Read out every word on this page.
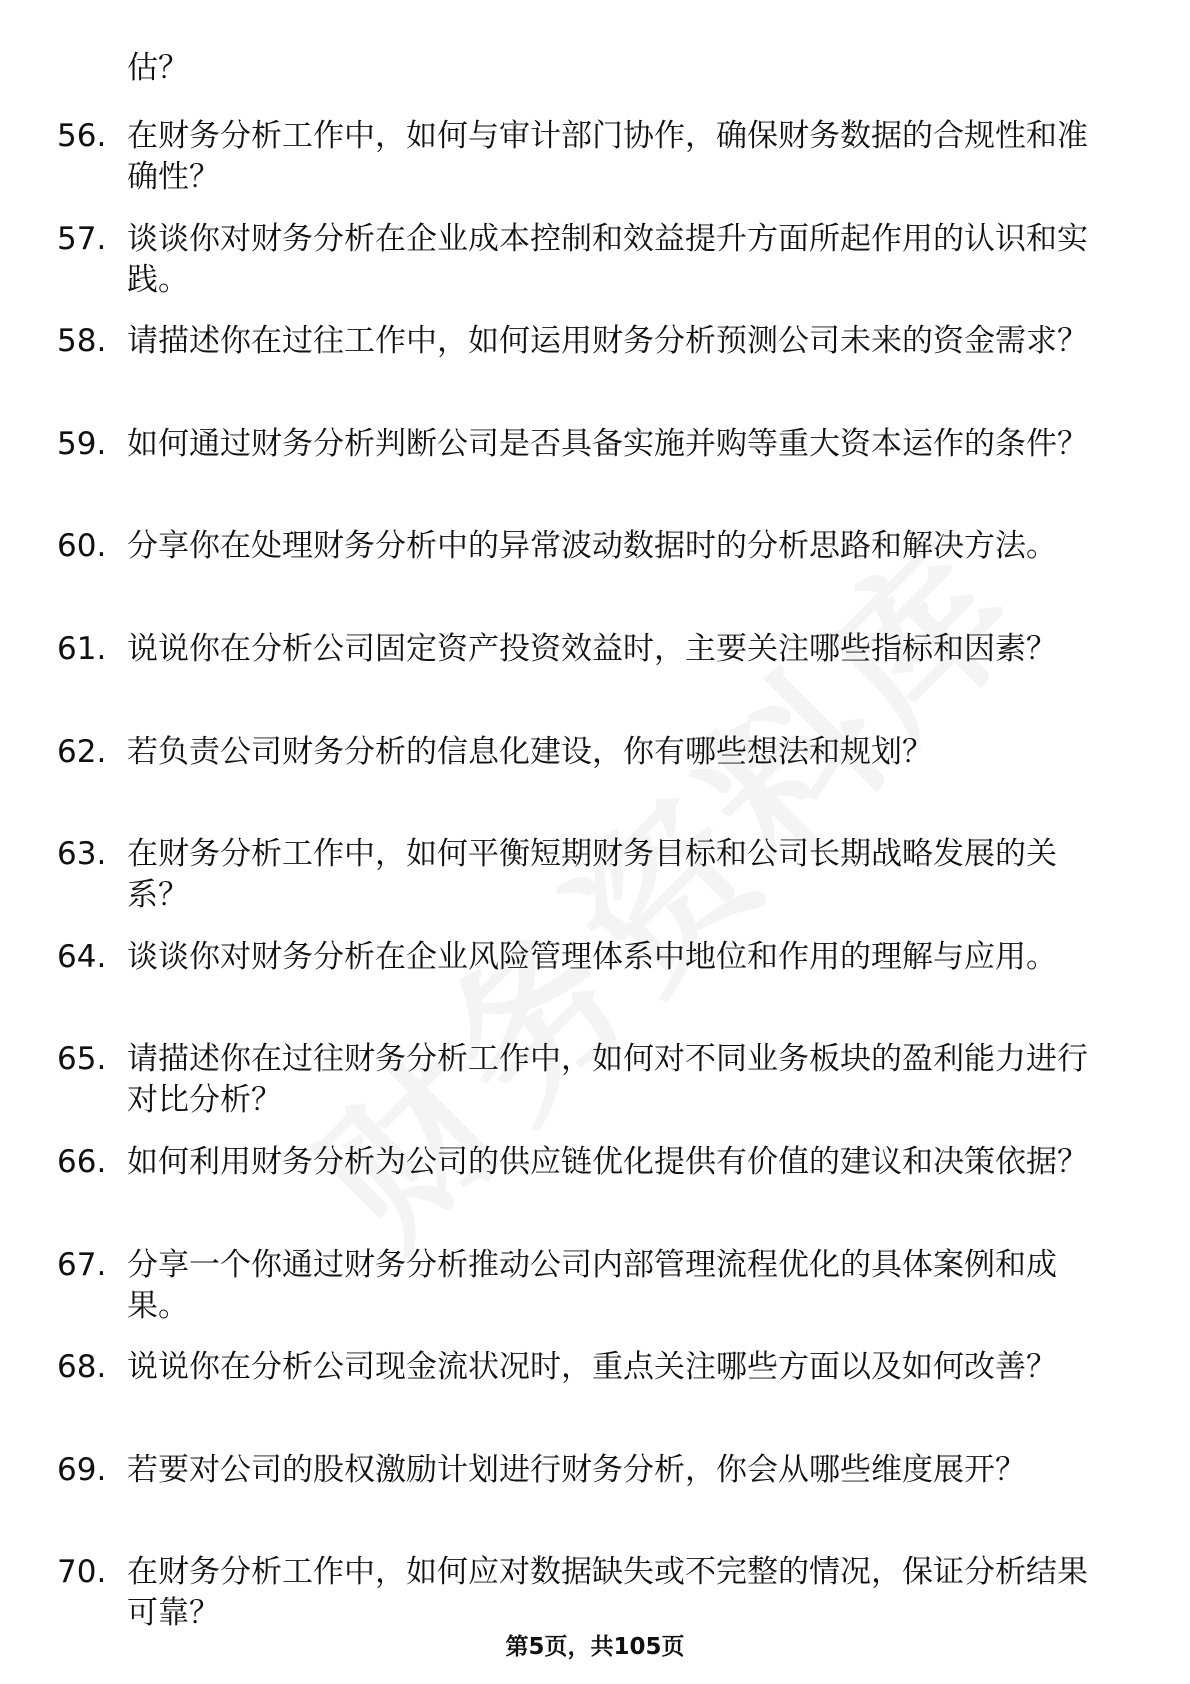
估？
56. 在财务分析工作中，如何与审计部门协作，确保财务数据的合规性和准确性？
57. 谈谈你对财务分析在企业成本控制和效益提升方面所起作用的认识和实践。
58. 请描述你在过往工作中，如何运用财务分析预测公司未来的资金需求？
59. 如何通过财务分析判断公司是否具备实施并购等重大资本运作的条件？
60. 分享你在处理财务分析中的异常波动数据时的分析思路和解决方法。
61. 说说你在分析公司固定资产投资效益时，主要关注哪些指标和因素？
62. 若负责公司财务分析的信息化建设，你有哪些想法和规划？
63. 在财务分析工作中，如何平衡短期财务目标和公司长期战略发展的关系？
64. 谈谈你对财务分析在企业风险管理体系中地位和作用的理解与应用。
65. 请描述你在过往财务分析工作中，如何对不同业务板块的盈利能力进行对比分析？
66. 如何利用财务分析为公司的供应链优化提供有价值的建议和决策依据？
67. 分享一个你通过财务分析推动公司内部管理流程优化的具体案例和成果。
68. 说说你在分析公司现金流状况时，重点关注哪些方面以及如何改善？
69. 若要对公司的股权激励计划进行财务分析，你会从哪些维度展开？
70. 在财务分析工作中，如何应对数据缺失或不完整的情况，保证分析结果可靠？
第5页，共105页
